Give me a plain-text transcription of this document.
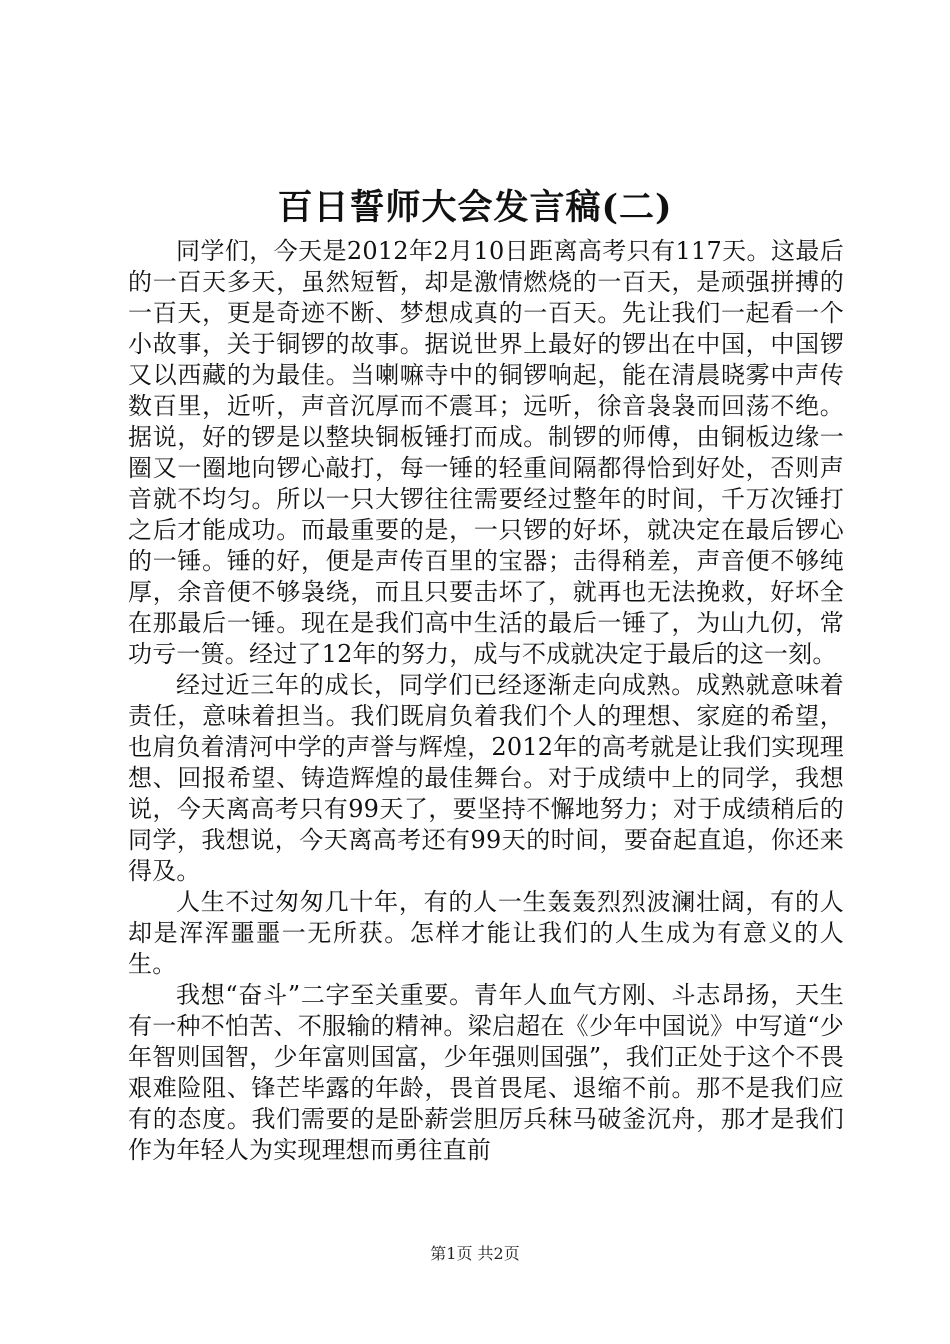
百日誓师大会发言稿(二)

同学们，今天是2012年2月10日距离高考只有117天。这最后的一百天多天，虽然短暂，却是激情燃烧的一百天，是顽强拼搏的一百天，更是奇迹不断、梦想成真的一百天。先让我们一起看一个小故事，关于铜锣的故事。据说世界上最好的锣出在中国，中国锣又以西藏的为最佳。当喇嘛寺中的铜锣响起，能在清晨晓雾中声传数百里，近听，声音沉厚而不震耳；远听，徐音袅袅而回荡不绝。据说，好的锣是以整块铜板锤打而成。制锣的师傅，由铜板边缘一圈又一圈地向锣心敲打，每一锤的轻重间隔都得恰到好处，否则声音就不均匀。所以一只大锣往往需要经过整年的时间，千万次锤打之后才能成功。而最重要的是，一只锣的好坏，就决定在最后锣心的一锤。锤的好，便是声传百里的宝器；击得稍差，声音便不够纯厚，余音便不够袅绕，而且只要击坏了，就再也无法挽救，好坏全在那最后一锤。现在是我们高中生活的最后一锤了，为山九仞，常功亏一篑。经过了12年的努力，成与不成就决定于最后的这一刻。

经过近三年的成长，同学们已经逐渐走向成熟。成熟就意味着责任，意味着担当。我们既肩负着我们个人的理想、家庭的希望，也肩负着清河中学的声誉与辉煌，2012年的高考就是让我们实现理想、回报希望、铸造辉煌的最佳舞台。对于成绩中上的同学，我想说，今天离高考只有99天了，要坚持不懈地努力；对于成绩稍后的同学，我想说，今天离高考还有99天的时间，要奋起直追，你还来得及。

人生不过匆匆几十年，有的人一生轰轰烈烈波澜壮阔，有的人却是浑浑噩噩一无所获。怎样才能让我们的人生成为有意义的人生。

我想“奋斗”二字至关重要。青年人血气方刚、斗志昂扬，天生有一种不怕苦、不服输的精神。梁启超在《少年中国说》中写道“少年智则国智，少年富则国富，少年强则国强”，我们正处于这个不畏艰难险阻、锋芒毕露的年龄，畏首畏尾、退缩不前。那不是我们应有的态度。我们需要的是卧薪尝胆厉兵秣马破釜沉舟，那才是我们作为年轻人为实现理想而勇往直前

第1页 共2页
